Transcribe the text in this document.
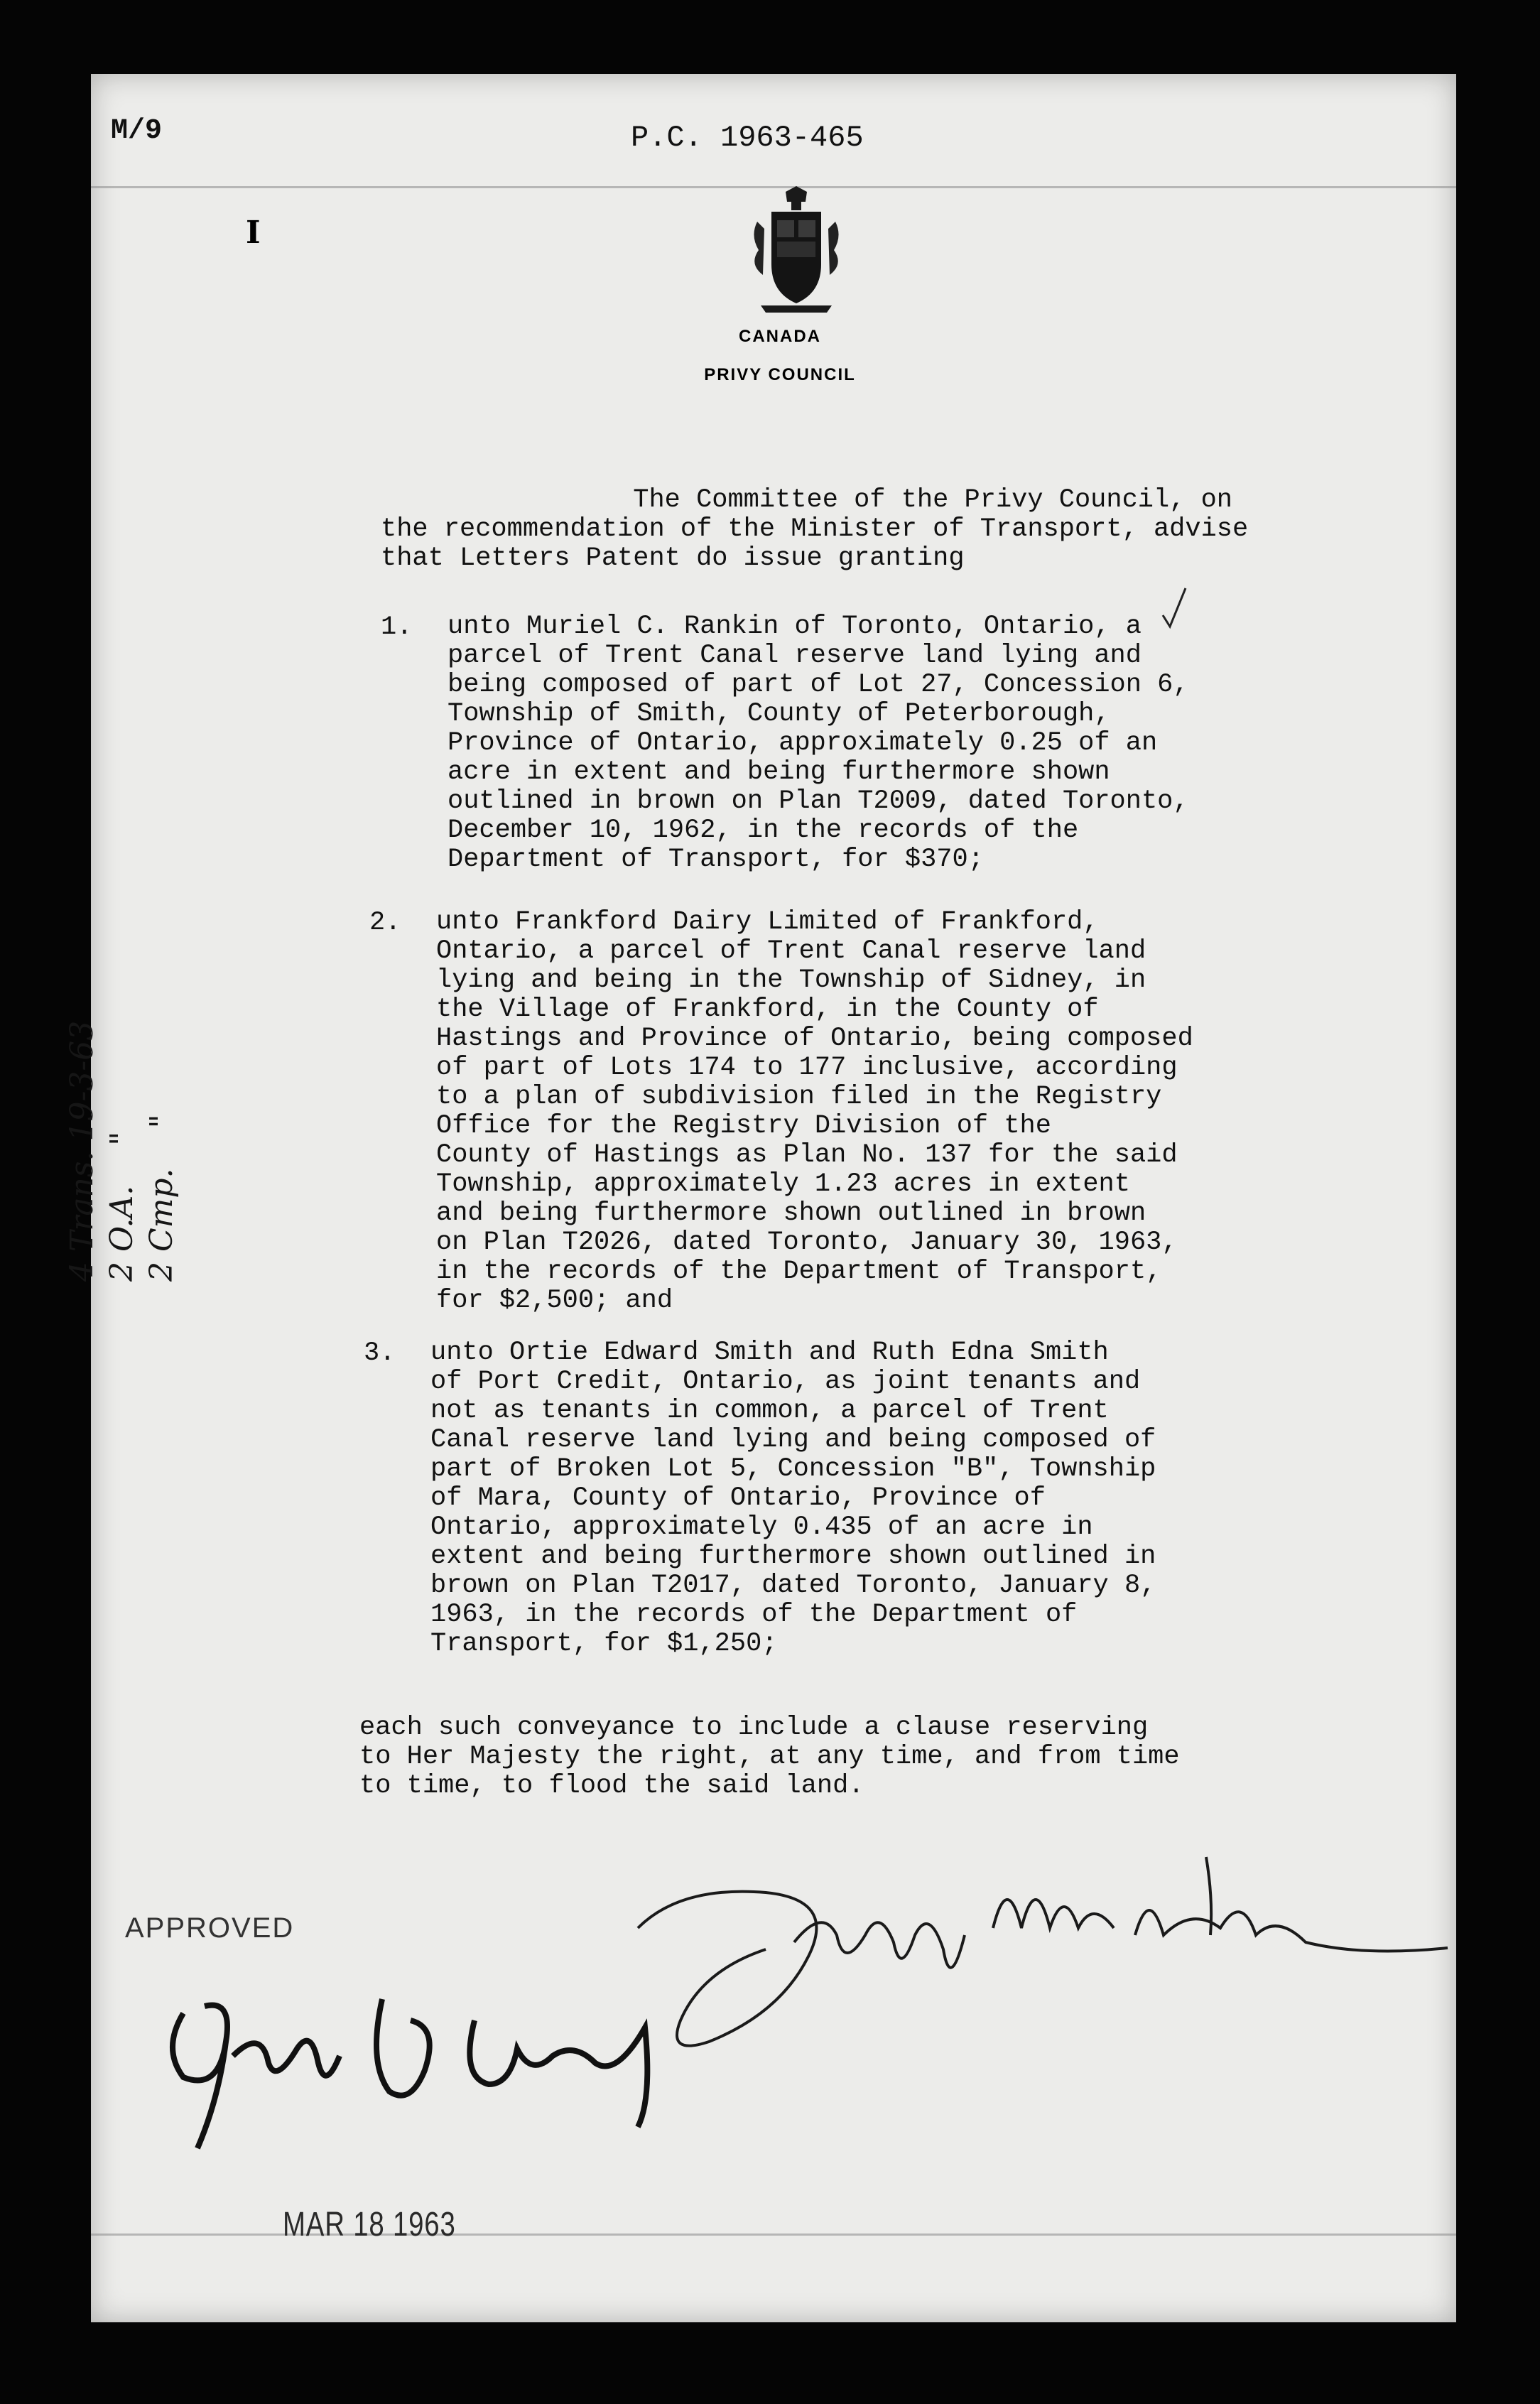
M/9	P.C. 1963-465
I

CANADA
PRIVY COUNCIL
The Committee of the Privy Council, on
the recommendation of the Minister of Transport, advise
that Letters Patent do issue granting
1. unto Muriel C. Rankin of Toronto, Ontario, a
parcel of Trent Canal reserve land lying and
being composed of part of Lot 27, Concession 6,
Township of Smith, County of Peterborough,
Province of Ontario, approximately 0.25 of an
acre in extent and being furthermore shown
outlined in brown on Plan T2009, dated Toronto,
December 10, 1962, in the records of the
Department of Transport, for $370;
2. unto Frankford Dairy Limited of Frankford,
Ontario, a parcel of Trent Canal reserve land
lying and being in the Township of Sidney, in
the Village of Frankford, in the County of
Hastings and Province of Ontario, being composed
of part of Lots 174 to 177 inclusive, according
to a plan of subdivision filed in the Registry
Office for the Registry Division of the
County of Hastings as Plan No. 137 for the said
Township, approximately 1.23 acres in extent
and being furthermore shown outlined in brown
on Plan T2026, dated Toronto, January 30, 1963,
in the records of the Department of Transport,
for $2,500; and
3. unto Ortie Edward Smith and Ruth Edna Smith
of Port Credit, Ontario, as joint tenants and
not as tenants in common, a parcel of Trent
Canal reserve land lying and being composed of
part of Broken Lot 5, Concession "B", Township
of Mara, County of Ontario, Province of
Ontario, approximately 0.435 of an acre in
extent and being furthermore shown outlined in
brown on Plan T2017, dated Toronto, January 8,
1963, in the records of the Department of
Transport, for $1,250;
each such conveyance to include a clause reserving
to Her Majesty the right, at any time, and from time
to time, to flood the said land.
4 Trans. 19-3-63
2 O.A.    "
2 Cmp.    "
APPROVED
MAR 18 1963
